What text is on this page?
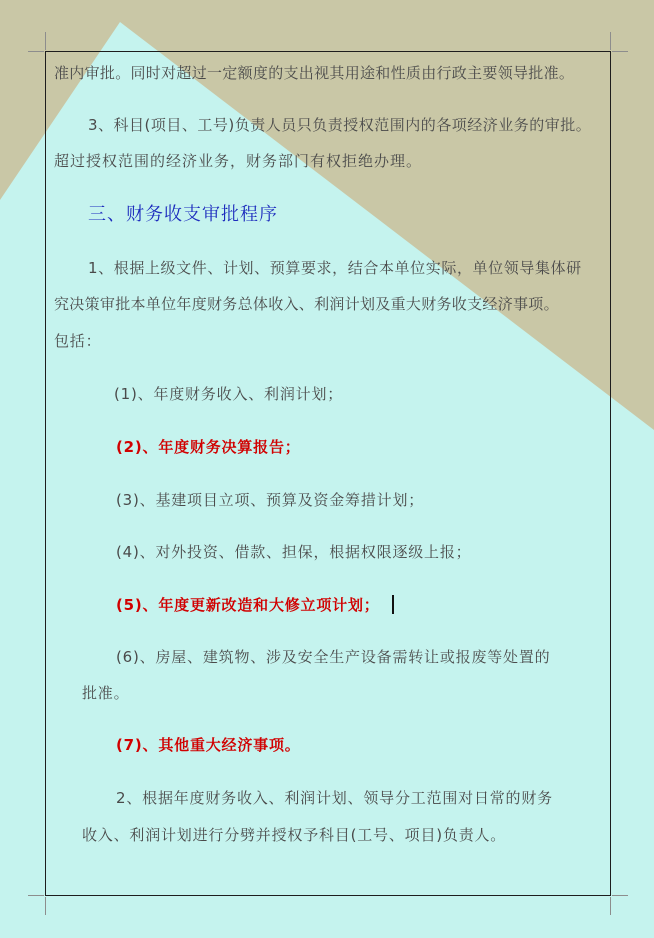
准内审批。同时对超过一定额度的支出视其用途和性质由行政主要领导批准。
3、科目(项目、工号)负责人员只负责授权范围内的各项经济业务的审批。
超过授权范围的经济业务，财务部门有权拒绝办理。
三、财务收支审批程序
1、根据上级文件、计划、预算要求，结合本单位实际，单位领导集体研
究决策审批本单位年度财务总体收入、利润计划及重大财务收支经济事项。
包括：
(1)、年度财务收入、利润计划；
(2)、年度财务决算报告；
(3)、基建项目立项、预算及资金筹措计划；
(4)、对外投资、借款、担保，根据权限逐级上报；
(5)、年度更新改造和大修立项计划；
(6)、房屋、建筑物、涉及安全生产设备需转让或报废等处置的
批准。
(7)、其他重大经济事项。
2、根据年度财务收入、利润计划、领导分工范围对日常的财务
收入、利润计划进行分劈并授权予科目(工号、项目)负责人。
